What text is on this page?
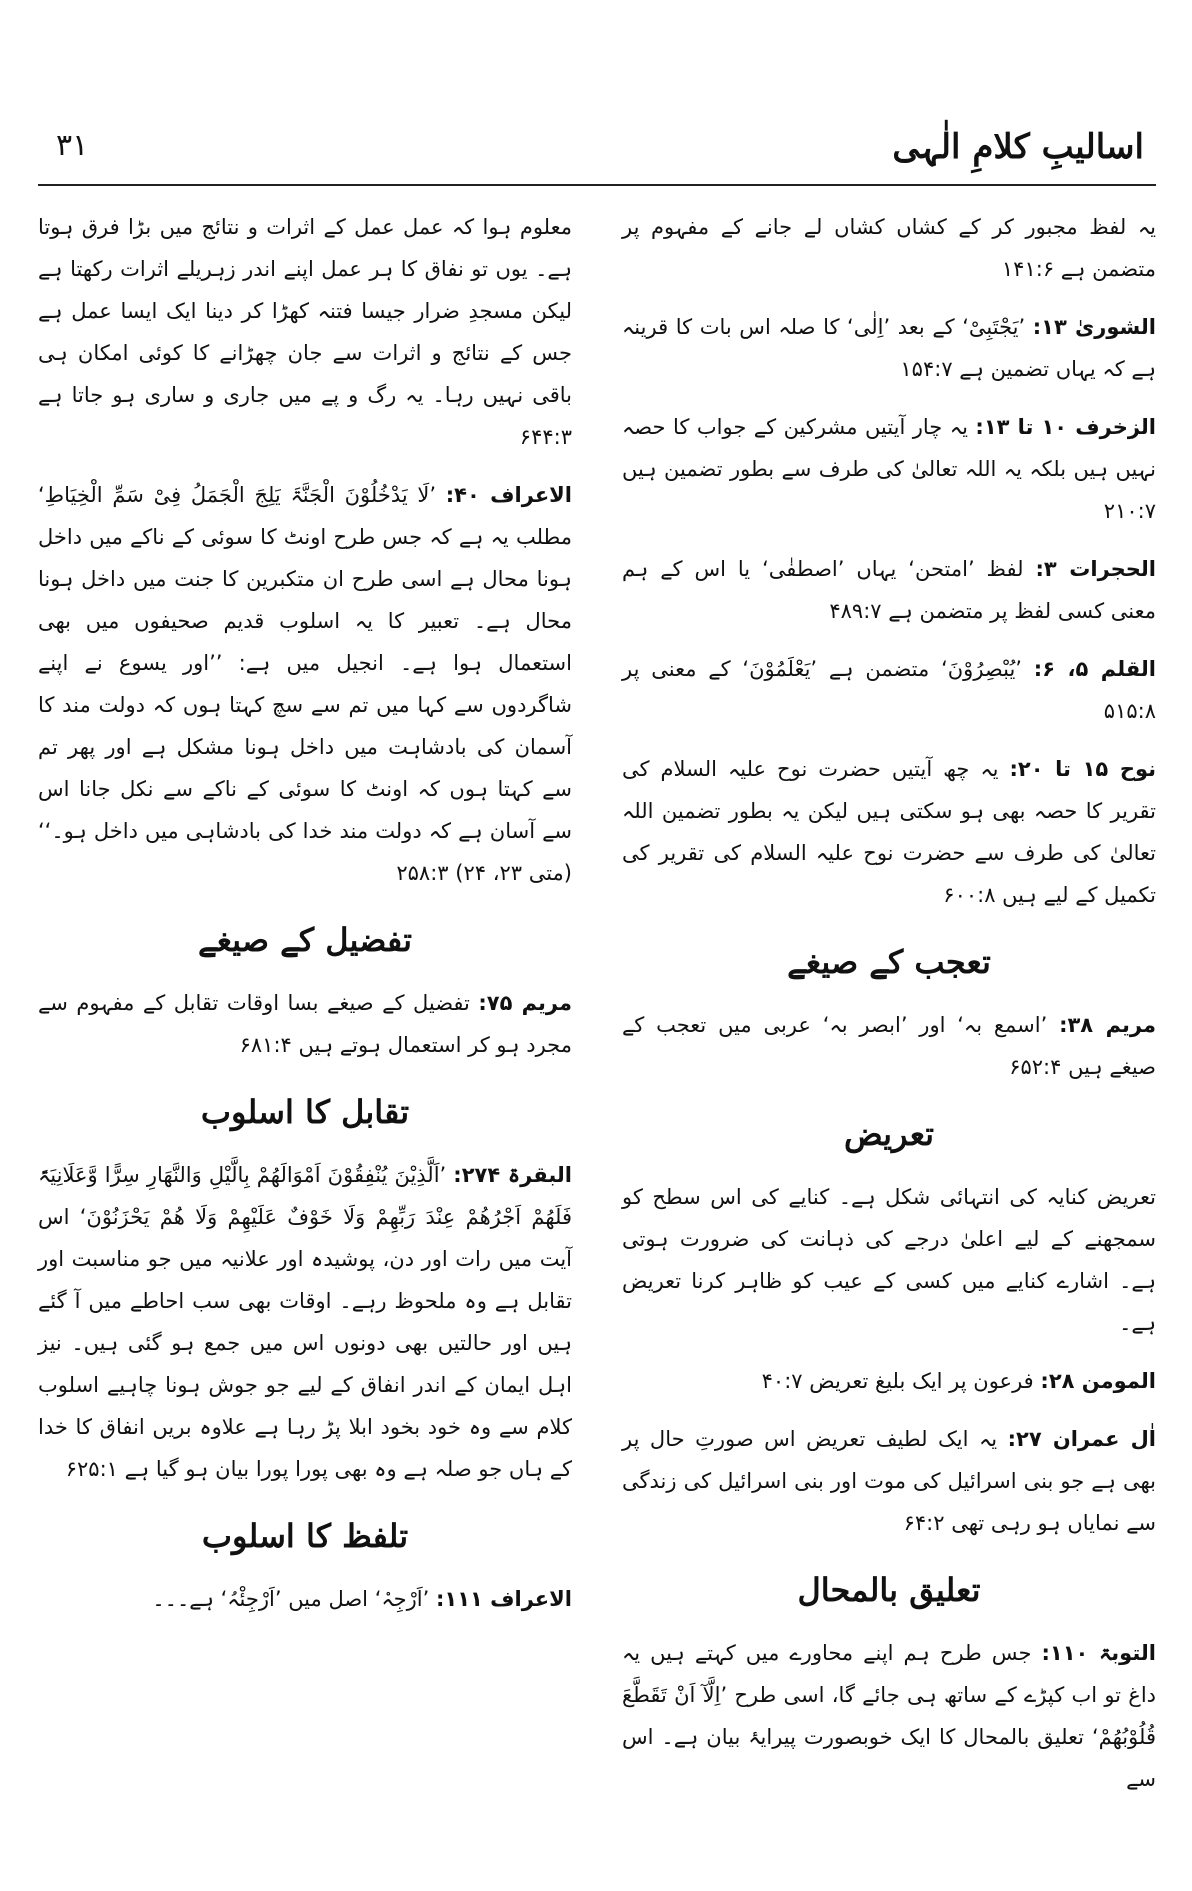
اسالیبِ کلامِ الٰہی
۳۱

یہ لفظ مجبور کر کے کشاں کشاں لے جانے کے مفہوم پر متضمن ہے ۱۴۱:۶

الشوریٰ ۱۳: ’یَجْتَبِیْ‘ کے بعد ’اِلٰی‘ کا صلہ اس بات کا قرینہ ہے کہ یہاں تضمین ہے ۱۵۴:۷

الزخرف ۱۰ تا ۱۳: یہ چار آیتیں مشرکین کے جواب کا حصہ نہیں ہیں بلکہ یہ اللہ تعالیٰ کی طرف سے بطور تضمین ہیں ۲۱۰:۷

الحجرات ۳: لفظ ’امتحن‘ یہاں ’اصطفٰی‘ یا اس کے ہم معنی کسی لفظ پر متضمن ہے ۴۸۹:۷

القلم ۵، ۶: ’یُبْصِرُوْنَ‘ متضمن ہے ’یَعْلَمُوْنَ‘ کے معنی پر ۵۱۵:۸

نوح ۱۵ تا ۲۰: یہ چھ آیتیں حضرت نوح علیہ السلام کی تقریر کا حصہ بھی ہو سکتی ہیں لیکن یہ بطور تضمین اللہ تعالیٰ کی طرف سے حضرت نوح علیہ السلام کی تقریر کی تکمیل کے لیے ہیں ۶۰۰:۸

تعجب کے صیغے

مریم ۳۸: ’اسمع بہ‘ اور ’ابصر بہ‘ عربی میں تعجب کے صیغے ہیں ۶۵۲:۴

تعریض

تعریض کنایہ کی انتہائی شکل ہے۔ کنایے کی اس سطح کو سمجھنے کے لیے اعلیٰ درجے کی ذہانت کی ضرورت ہوتی ہے۔ اشارے کنایے میں کسی کے عیب کو ظاہر کرنا تعریض ہے۔

المومن ۲۸: فرعون پر ایک بلیغ تعریض ۴۰:۷

اٰل عمران ۲۷: یہ ایک لطیف تعریض اس صورتِ حال پر بھی ہے جو بنی اسرائیل کی موت اور بنی اسرائیل کی زندگی سے نمایاں ہو رہی تھی ۶۴:۲

تعلیق بالمحال

التوبۃ ۱۱۰: جس طرح ہم اپنے محاورے میں کہتے ہیں یہ داغ تو اب کپڑے کے ساتھ ہی جائے گا، اسی طرح ’اِلَّآ اَنْ تَقَطَّعَ قُلُوْبُھُمْ‘ تعلیق بالمحال کا ایک خوبصورت پیرایۂ بیان ہے۔ اس سے

معلوم ہوا کہ عمل عمل کے اثرات و نتائج میں بڑا فرق ہوتا ہے۔ یوں تو نفاق کا ہر عمل اپنے اندر زہریلے اثرات رکھتا ہے لیکن مسجدِ ضرار جیسا فتنہ کھڑا کر دینا ایک ایسا عمل ہے جس کے نتائج و اثرات سے جان چھڑانے کا کوئی امکان ہی باقی نہیں رہا۔ یہ رگ و پے میں جاری و ساری ہو جاتا ہے ۶۴۴:۳

الاعراف ۴۰: ’لَا یَدْخُلُوْنَ الْجَنَّۃَ یَلِجَ الْجَمَلُ فِیْ سَمِّ الْخِیَاطِ‘ مطلب یہ ہے کہ جس طرح اونٹ کا سوئی کے ناکے میں داخل ہونا محال ہے اسی طرح ان متکبرین کا جنت میں داخل ہونا محال ہے۔ تعبیر کا یہ اسلوب قدیم صحیفوں میں بھی استعمال ہوا ہے۔ انجیل میں ہے: ’’اور یسوع نے اپنے شاگردوں سے کہا میں تم سے سچ کہتا ہوں کہ دولت مند کا آسمان کی بادشاہت میں داخل ہونا مشکل ہے اور پھر تم سے کہتا ہوں کہ اونٹ کا سوئی کے ناکے سے نکل جانا اس سے آسان ہے کہ دولت مند خدا کی بادشاہی میں داخل ہو۔‘‘ (متی ۲۳، ۲۴) ۲۵۸:۳

تفضیل کے صیغے

مریم ۷۵: تفضیل کے صیغے بسا اوقات تقابل کے مفہوم سے مجرد ہو کر استعمال ہوتے ہیں ۶۸۱:۴

تقابل کا اسلوب

البقرۃ ۲۷۴: ’اَلَّذِیْنَ یُنْفِقُوْنَ اَمْوَالَھُمْ بِالَّیْلِ وَالنَّھَارِ سِرًّا وَّعَلَانِیَۃً فَلَھُمْ اَجْرُھُمْ عِنْدَ رَبِّھِمْ وَلَا خَوْفٌ عَلَیْھِمْ وَلَا ھُمْ یَحْزَنُوْنَ‘ اس آیت میں رات اور دن، پوشیدہ اور علانیہ میں جو مناسبت اور تقابل ہے وہ ملحوظ رہے۔ اوقات بھی سب احاطے میں آ گئے ہیں اور حالتیں بھی دونوں اس میں جمع ہو گئی ہیں۔ نیز اہل ایمان کے اندر انفاق کے لیے جو جوش ہونا چاہیے اسلوب کلام سے وہ خود بخود ابلا پڑ رہا ہے علاوہ بریں انفاق کا خدا کے ہاں جو صلہ ہے وہ بھی پورا پورا بیان ہو گیا ہے ۶۲۵:۱

تلفظ کا اسلوب

الاعراف ۱۱۱: ’اَرْجِہْ‘ اصل میں ’اَرْجِئْہُ‘ ہے۔۔۔
